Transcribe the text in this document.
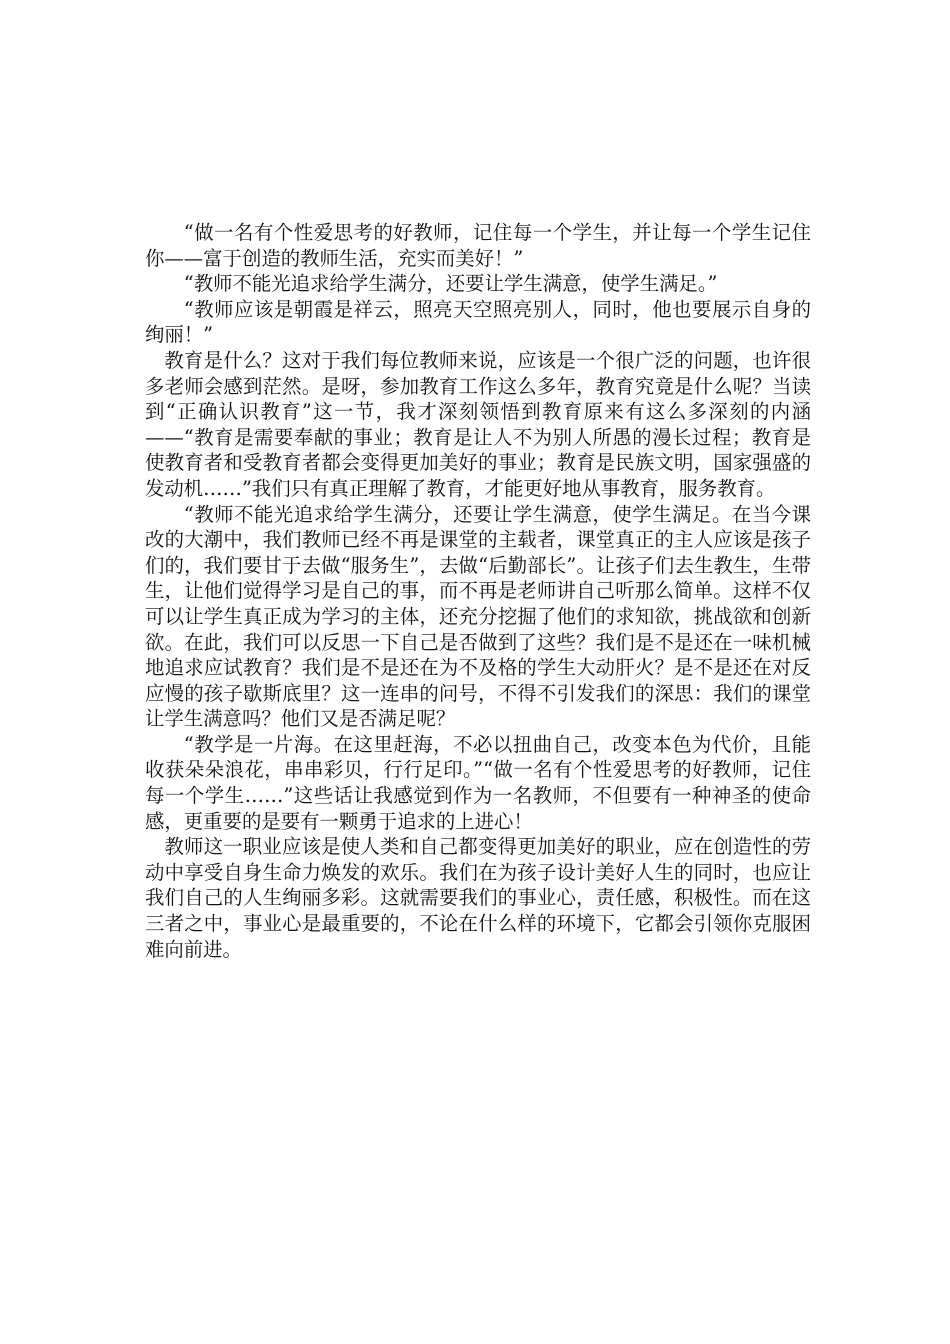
“做一名有个性爱思考的好教师，记住每一个学生，并让每一个学生记住你——富于创造的教师生活，充实而美好！”

“教师不能光追求给学生满分，还要让学生满意，使学生满足。”

“教师应该是朝霞是祥云，照亮天空照亮别人，同时，他也要展示自身的绚丽！”

教育是什么？这对于我们每位教师来说，应该是一个很广泛的问题，也许很多老师会感到茫然。是呀，参加教育工作这么多年，教育究竟是什么呢？当读到“正确认识教育”这一节，我才深刻领悟到教育原来有这么多深刻的内涵——“教育是需要奉献的事业；教育是让人不为别人所愚的漫长过程；教育是使教育者和受教育者都会变得更加美好的事业；教育是民族文明，国家强盛的发动机……”我们只有真正理解了教育，才能更好地从事教育，服务教育。

“教师不能光追求给学生满分，还要让学生满意，使学生满足。在当今课改的大潮中，我们教师已经不再是课堂的主载者，课堂真正的主人应该是孩子们的，我们要甘于去做“服务生”，去做“后勤部长”。让孩子们去生教生，生带生，让他们觉得学习是自己的事，而不再是老师讲自己听那么简单。这样不仅可以让学生真正成为学习的主体，还充分挖掘了他们的求知欲，挑战欲和创新欲。在此，我们可以反思一下自己是否做到了这些？我们是不是还在一味机械地追求应试教育？我们是不是还在为不及格的学生大动肝火？是不是还在对反应慢的孩子歇斯底里？这一连串的问号，不得不引发我们的深思：我们的课堂让学生满意吗？他们又是否满足呢？

“教学是一片海。在这里赶海，不必以扭曲自己，改变本色为代价，且能收获朵朵浪花，串串彩贝，行行足印。”“做一名有个性爱思考的好教师，记住每一个学生……”这些话让我感觉到作为一名教师，不但要有一种神圣的使命感，更重要的是要有一颗勇于追求的上进心！

教师这一职业应该是使人类和自己都变得更加美好的职业，应在创造性的劳动中享受自身生命力焕发的欢乐。我们在为孩子设计美好人生的同时，也应让我们自己的人生绚丽多彩。这就需要我们的事业心，责任感，积极性。而在这三者之中，事业心是最重要的，不论在什么样的环境下，它都会引领你克服困难向前进。
